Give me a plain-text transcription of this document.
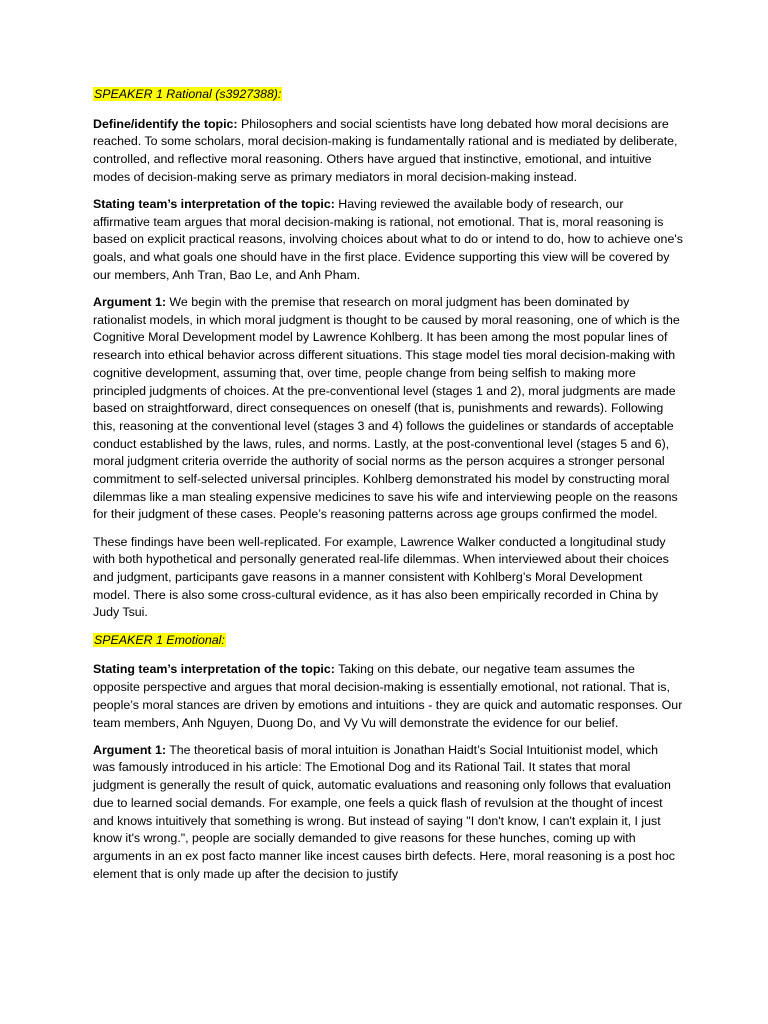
SPEAKER 1 Rational (s3927388):

Define/identify the topic: Philosophers and social scientists have long debated how moral decisions are reached. To some scholars, moral decision-making is fundamentally rational and is mediated by deliberate, controlled, and reflective moral reasoning. Others have argued that instinctive, emotional, and intuitive modes of decision-making serve as primary mediators in moral decision-making instead.

Stating team’s interpretation of the topic: Having reviewed the available body of research, our affirmative team argues that moral decision-making is rational, not emotional. That is, moral reasoning is based on explicit practical reasons, involving choices about what to do or intend to do, how to achieve one's goals, and what goals one should have in the first place. Evidence supporting this view will be covered by our members, Anh Tran, Bao Le, and Anh Pham.

Argument 1: We begin with the premise that research on moral judgment has been dominated by rationalist models, in which moral judgment is thought to be caused by moral reasoning, one of which is the Cognitive Moral Development model by Lawrence Kohlberg. It has been among the most popular lines of research into ethical behavior across different situations. This stage model ties moral decision-making with cognitive development, assuming that, over time, people change from being selfish to making more principled judgments of choices. At the pre-conventional level (stages 1 and 2), moral judgments are made based on straightforward, direct consequences on oneself (that is, punishments and rewards). Following this, reasoning at the conventional level (stages 3 and 4) follows the guidelines or standards of acceptable conduct established by the laws, rules, and norms. Lastly, at the post-conventional level (stages 5 and 6), moral judgment criteria override the authority of social norms as the person acquires a stronger personal commitment to self-selected universal principles. Kohlberg demonstrated his model by constructing moral dilemmas like a man stealing expensive medicines to save his wife and interviewing people on the reasons for their judgment of these cases. People’s reasoning patterns across age groups confirmed the model.

These findings have been well-replicated. For example, Lawrence Walker conducted a longitudinal study with both hypothetical and personally generated real-life dilemmas. When interviewed about their choices and judgment, participants gave reasons in a manner consistent with Kohlberg’s Moral Development model. There is also some cross-cultural evidence, as it has also been empirically recorded in China by Judy Tsui.

SPEAKER 1 Emotional:

Stating team’s interpretation of the topic: Taking on this debate, our negative team assumes the opposite perspective and argues that moral decision-making is essentially emotional, not rational. That is, people’s moral stances are driven by emotions and intuitions - they are quick and automatic responses. Our team members, Anh Nguyen, Duong Do, and Vy Vu will demonstrate the evidence for our belief.

Argument 1: The theoretical basis of moral intuition is Jonathan Haidt’s Social Intuitionist model, which was famously introduced in his article: The Emotional Dog and its Rational Tail. It states that moral judgment is generally the result of quick, automatic evaluations and reasoning only follows that evaluation due to learned social demands. For example, one feels a quick flash of revulsion at the thought of incest and knows intuitively that something is wrong. But instead of saying "I don't know, I can't explain it, I just know it's wrong.", people are socially demanded to give reasons for these hunches, coming up with arguments in an ex post facto manner like incest causes birth defects. Here, moral reasoning is a post hoc element that is only made up after the decision to justify
